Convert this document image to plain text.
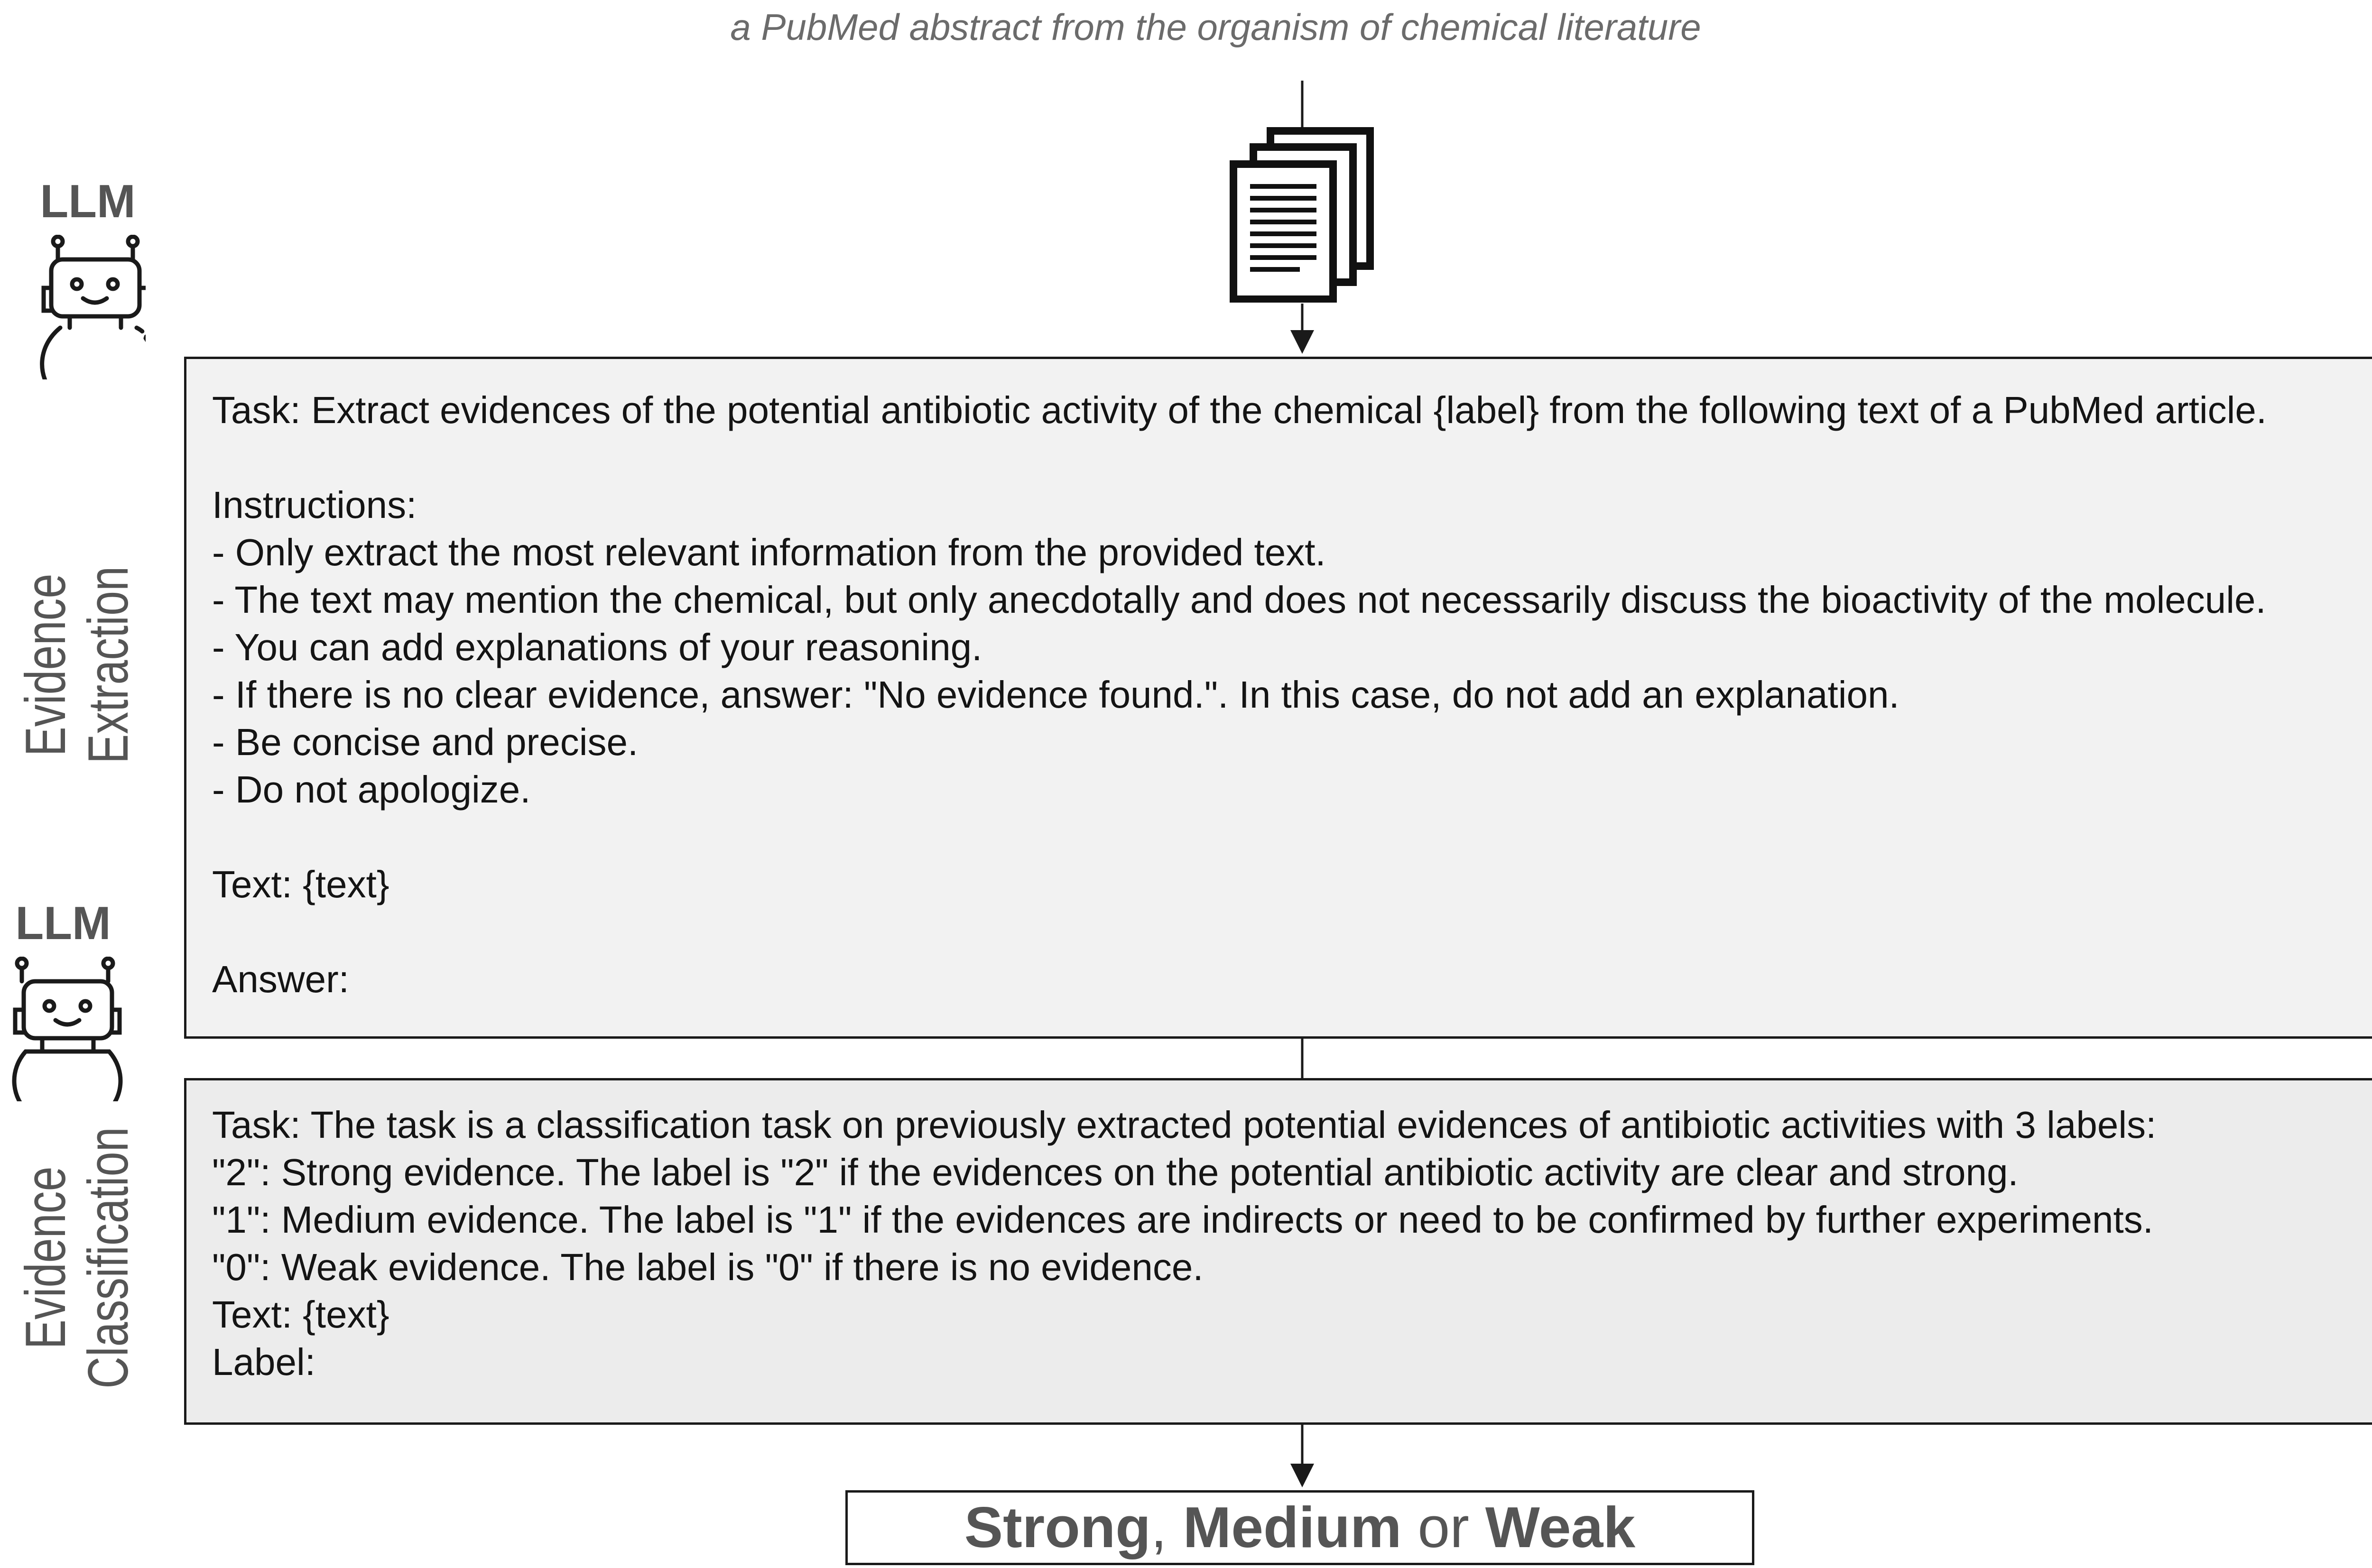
a PubMed abstract from the organism of chemical literature
LLM
LLM
Evidence
Extraction
Evidence
Classification
Task: Extract evidences of the potential antibiotic activity of the chemical {label} from the following text of a PubMed article.
Instructions:
- Only extract the most relevant information from the provided text.
- The text may mention the chemical, but only anecdotally and does not necessarily discuss the bioactivity of the molecule.
- You can add explanations of your reasoning.
- If there is no clear evidence, answer: "No evidence found.". In this case, do not add an explanation.
- Be concise and precise.
- Do not apologize.
Text: {text}
Answer:
Task: The task is a classification task on previously extracted potential evidences of antibiotic activities with 3 labels:
"2": Strong evidence. The label is "2" if the evidences on the potential antibiotic activity are clear and strong.
"1": Medium evidence. The label is "1" if the evidences are indirects or need to be confirmed by further experiments.
"0": Weak evidence. The label is "0" if there is no evidence.
Text: {text}
Label:
Strong, Medium or Weak
